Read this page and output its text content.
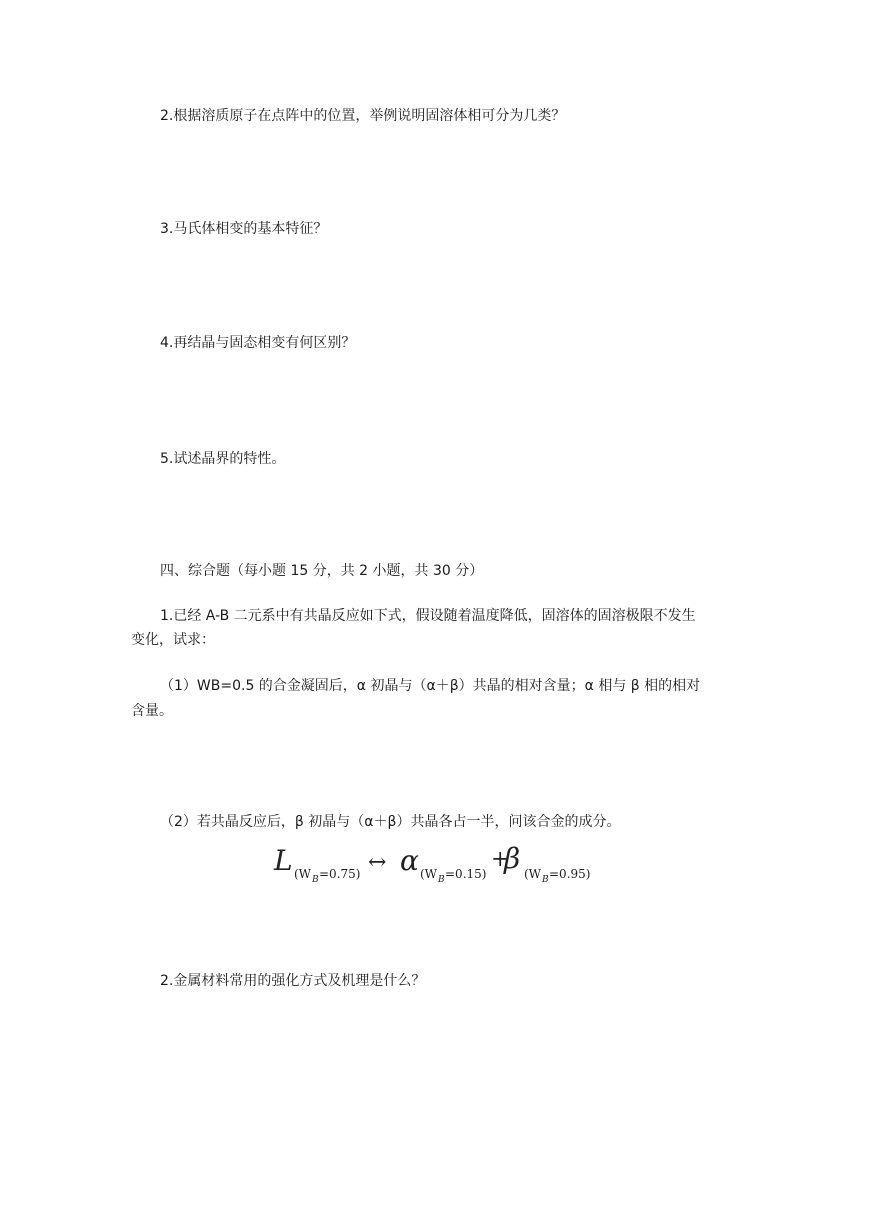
2.根据溶质原子在点阵中的位置，举例说明固溶体相可分为几类？
3.马氏体相变的基本特征？
4.再结晶与固态相变有何区别？
5.试述晶界的特性。
四、综合题（每小题 15 分，共 2 小题，共 30 分）
1.已经 A-B 二元系中有共晶反应如下式，假设随着温度降低，固溶体的固溶极限不发生
变化，试求：
（1）WB=0.5 的合金凝固后，α 初晶与（α＋β）共晶的相对含量；α 相与 β 相的相对
含量。
（2）若共晶反应后，β 初晶与（α＋β）共晶各占一半，问该合金的成分。
L (W B =0.75) ↔ α (W B =0.15)
+
β (W B =0.95)
2.金属材料常用的强化方式及机理是什么？
